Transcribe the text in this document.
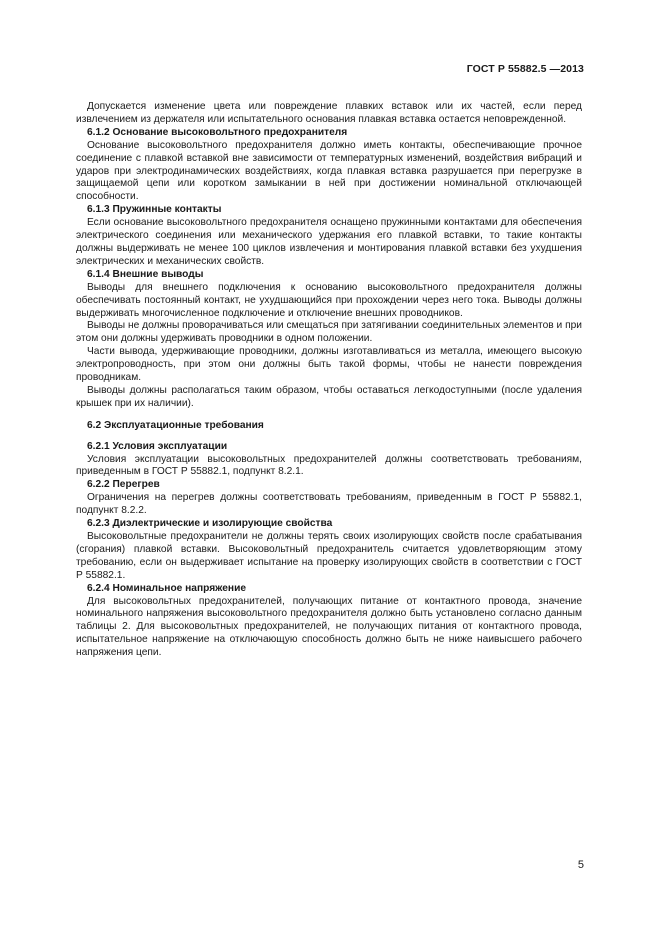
ГОСТ Р 55882.5 —2013

Допускается изменение цвета или повреждение плавких вставок или их частей, если перед извлечением из держателя или испытательного основания плавкая вставка остается неповрежденной.

6.1.2 Основание высоковольтного предохранителя

Основание высоковольтного предохранителя должно иметь контакты, обеспечивающие прочное соединение с плавкой вставкой вне зависимости от температурных изменений, воздействия вибраций и ударов при электродинамических воздействиях, когда плавкая вставка разрушается при перегрузке в защищаемой цепи или коротком замыкании в ней при достижении номинальной отключающей способности.

6.1.3 Пружинные контакты

Если основание высоковольтного предохранителя оснащено пружинными контактами для обеспечения электрического соединения или механического удержания его плавкой вставки, то такие контакты должны выдерживать не менее 100 циклов извлечения и монтирования плавкой вставки без ухудшения электрических и механических свойств.

6.1.4 Внешние выводы

Выводы для внешнего подключения к основанию высоковольтного предохранителя должны обеспечивать постоянный контакт, не ухудшающийся при прохождении через него тока. Выводы должны выдерживать многочисленное подключение и отключение внешних проводников.

Выводы не должны проворачиваться или смещаться при затягивании соединительных элементов и при этом они должны удерживать проводники в одном положении.

Части вывода, удерживающие проводники, должны изготавливаться из металла, имеющего высокую электропроводность, при этом они должны быть такой формы, чтобы не нанести повреждения проводникам.

Выводы должны располагаться таким образом, чтобы оставаться легкодоступными (после удаления крышек при их наличии).

6.2 Эксплуатационные требования
6.2.1 Условия эксплуатации

Условия эксплуатации высоковольтных предохранителей должны соответствовать требованиям, приведенным в ГОСТ Р 55882.1, подпункт 8.2.1.

6.2.2 Перегрев

Ограничения на перегрев должны соответствовать требованиям, приведенным в ГОСТ Р 55882.1, подпункт 8.2.2.

6.2.3 Диэлектрические и изолирующие свойства

Высоковольтные предохранители не должны терять своих изолирующих свойств после срабатывания (сгорания) плавкой вставки. Высоковольтный предохранитель считается удовлетворяющим этому требованию, если он выдерживает испытание на проверку изолирующих свойств в соответствии с ГОСТ Р 55882.1.

6.2.4 Номинальное напряжение

Для высоковольтных предохранителей, получающих питание от контактного провода, значение номинального напряжения высоковольтного предохранителя должно быть установлено согласно данным таблицы 2. Для высоковольтных предохранителей, не получающих питания от контактного провода, испытательное напряжение на отключающую способность должно быть не ниже наивысшего рабочего напряжения цепи.

5
